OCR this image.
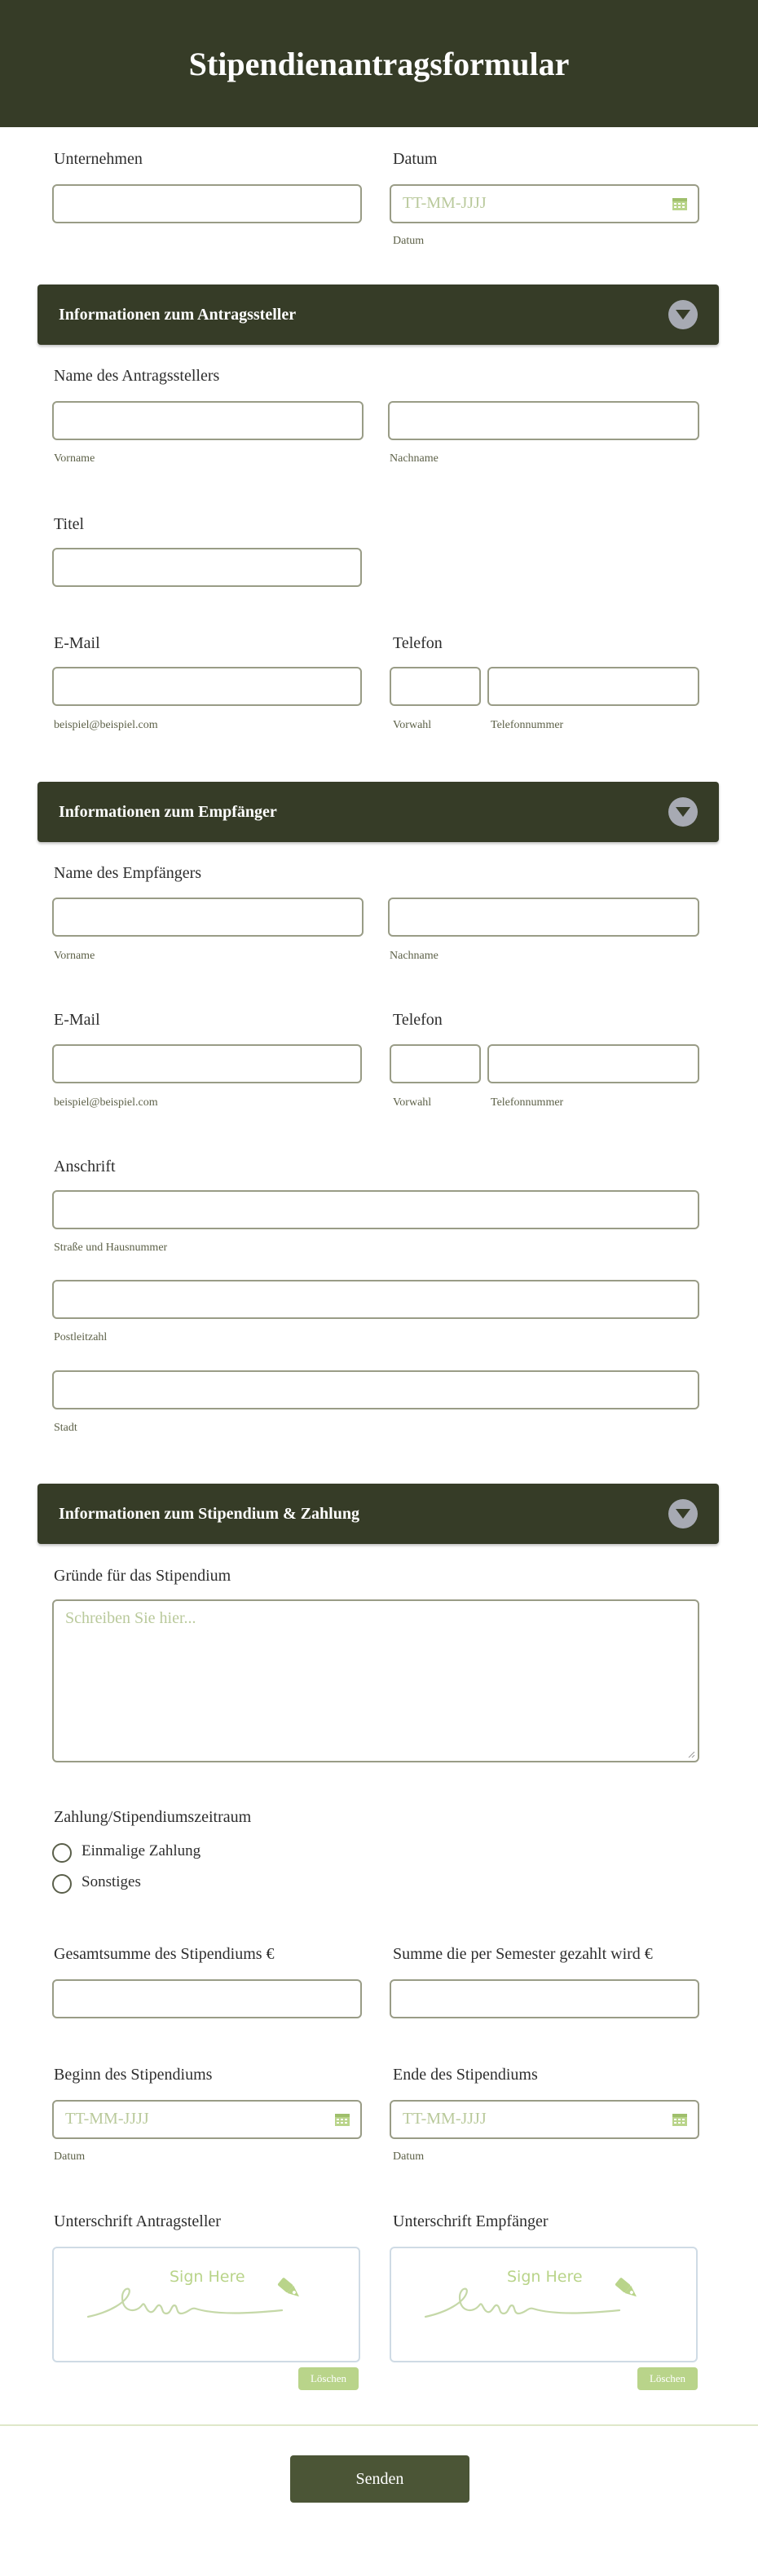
Stipendienantragsformular
Unternehmen	Datum
TT-MM-JJJJ
Datum
Informationen zum Antragssteller
Name des Antragsstellers
Vorname	Nachname
Titel
E-Mail
beispiel@beispiel.com
Telefon
Vorwahl	Telefonnummer
Informationen zum Empfänger
Name des Empfängers
Vorname	Nachname
E-Mail
beispiel@beispiel.com
Telefon
Vorwahl	Telefonnummer
Anschrift
Straße und Hausnummer
Postleitzahl
Stadt
Informationen zum Stipendium & Zahlung
Gründe für das Stipendium
Schreiben Sie hier...
Zahlung/Stipendiumszeitraum
Einmalige Zahlung
Sonstiges
Gesamtsumme des Stipendiums €	Summe die per Semester gezahlt wird €
Beginn des Stipendiums
TT-MM-JJJJ
Datum
Ende des Stipendiums
TT-MM-JJJJ
Datum
Unterschrift Antragsteller
Sign Here
Löschen
Unterschrift Empfänger
Sign Here
Löschen
Senden
